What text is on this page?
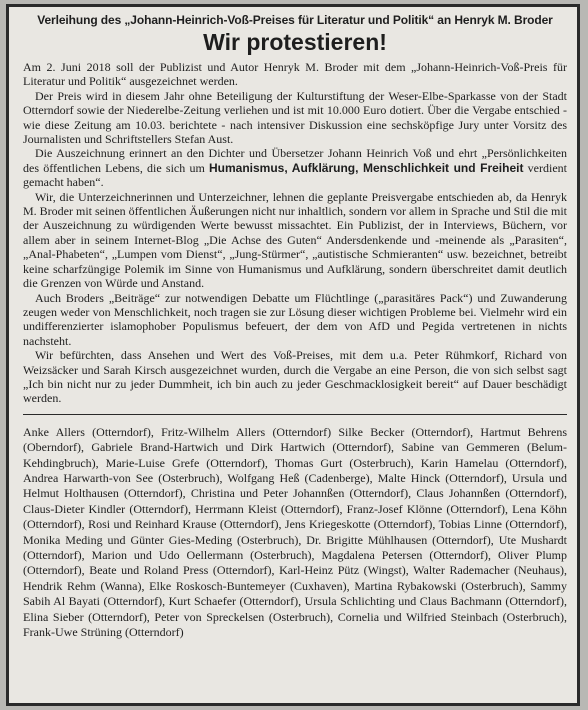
Verleihung des „Johann-Heinrich-Voß-Preises für Literatur und Politik“ an Henryk M. Broder
Wir protestieren!

Am 2. Juni 2018 soll der Publizist und Autor Henryk M. Broder mit dem „Johann-Heinrich-Voß-Preis für Literatur und Politik“ ausgezeichnet werden.

Der Preis wird in diesem Jahr ohne Beteiligung der Kulturstiftung der Weser-Elbe-Sparkasse von der Stadt Otterndorf sowie der Niederelbe-Zeitung verliehen und ist mit 10.000 Euro dotiert. Über die Vergabe entschied - wie diese Zeitung am 10.03. berichtete - nach intensiver Diskussion eine sechsköpfige Jury unter Vorsitz des Journalisten und Schriftstellers Stefan Aust.

Die Auszeichnung erinnert an den Dichter und Übersetzer Johann Heinrich Voß und ehrt „Persönlichkeiten des öffentlichen Lebens, die sich um Humanismus, Aufklärung, Menschlichkeit und Freiheit verdient gemacht haben“.

Wir, die Unterzeichnerinnen und Unterzeichner, lehnen die geplante Preisvergabe entschieden ab, da Henryk M. Broder mit seinen öffentlichen Äußerungen nicht nur inhaltlich, sondern vor allem in Sprache und Stil die mit der Auszeichnung zu würdigenden Werte bewusst missachtet. Ein Publizist, der in Interviews, Büchern, vor allem aber in seinem Internet-Blog „Die Achse des Guten“ Andersdenkende und -meinende als „Parasiten“, „Anal-Phabeten“, „Lumpen vom Dienst“, „Jung-Stürmer“, „autistische Schmieranten“ usw. bezeichnet, betreibt keine scharfzüngige Polemik im Sinne von Humanismus und Aufklärung, sondern überschreitet damit deutlich die Grenzen von Würde und Anstand.

Auch Broders „Beiträge“ zur notwendigen Debatte um Flüchtlinge („parasitäres Pack“) und Zuwanderung zeugen weder von Menschlichkeit, noch tragen sie zur Lösung dieser wichtigen Probleme bei. Vielmehr wird ein undifferenzierter islamophober Populismus befeuert, der dem von AfD und Pegida vertretenen in nichts nachsteht.

Wir befürchten, dass Ansehen und Wert des Voß-Preises, mit dem u.a. Peter Rühmkorf, Richard von Weizsäcker und Sarah Kirsch ausgezeichnet wurden, durch die Vergabe an eine Person, die von sich selbst sagt „Ich bin nicht nur zu jeder Dummheit, ich bin auch zu jeder Geschmacklosigkeit bereit“ auf Dauer beschädigt werden.

Anke Allers (Otterndorf), Fritz-Wilhelm Allers (Otterndorf) Silke Becker (Otterndorf), Hartmut Behrens (Oberndorf), Gabriele Brand-Hartwich und Dirk Hartwich (Otterndorf), Sabine van Gemmeren (Belum-Kehdingbruch), Marie-Luise Grefe (Otterndorf), Thomas Gurt (Osterbruch), Karin Hamelau (Otterndorf), Andrea Harwarth-von See (Osterbruch), Wolfgang Heß (Cadenberge), Malte Hinck (Otterndorf), Ursula und Helmut Holthausen (Otterndorf), Christina und Peter Johannßen (Otterndorf), Claus Johannßen (Otterndorf), Claus-Dieter Kindler (Otterndorf), Herrmann Kleist (Otterndorf), Franz-Josef Klönne (Otterndorf), Lena Köhn (Otterndorf), Rosi und Reinhard Krause (Otterndorf), Jens Kriegeskotte (Otterndorf), Tobias Linne (Otterndorf), Monika Meding und Günter Gies-Meding (Osterbruch), Dr. Brigitte Mühlhausen (Otterndorf), Ute Mushardt (Otterndorf), Marion und Udo Oellermann (Osterbruch), Magdalena Petersen (Otterndorf), Oliver Plump (Otterndorf), Beate und Roland Press (Otterndorf), Karl-Heinz Pütz (Wingst), Walter Rademacher (Neuhaus), Hendrik Rehm (Wanna), Elke Roskosch-Buntemeyer (Cuxhaven), Martina Rybakowski (Osterbruch), Sammy Sabih Al Bayati (Otterndorf), Kurt Schaefer (Otterndorf), Ursula Schlichting und Claus Bachmann (Otterndorf), Elina Sieber (Otterndorf), Peter von Spreckelsen (Osterbruch), Cornelia und Wilfried Steinbach (Osterbruch), Frank-Uwe Strüning (Otterndorf)
